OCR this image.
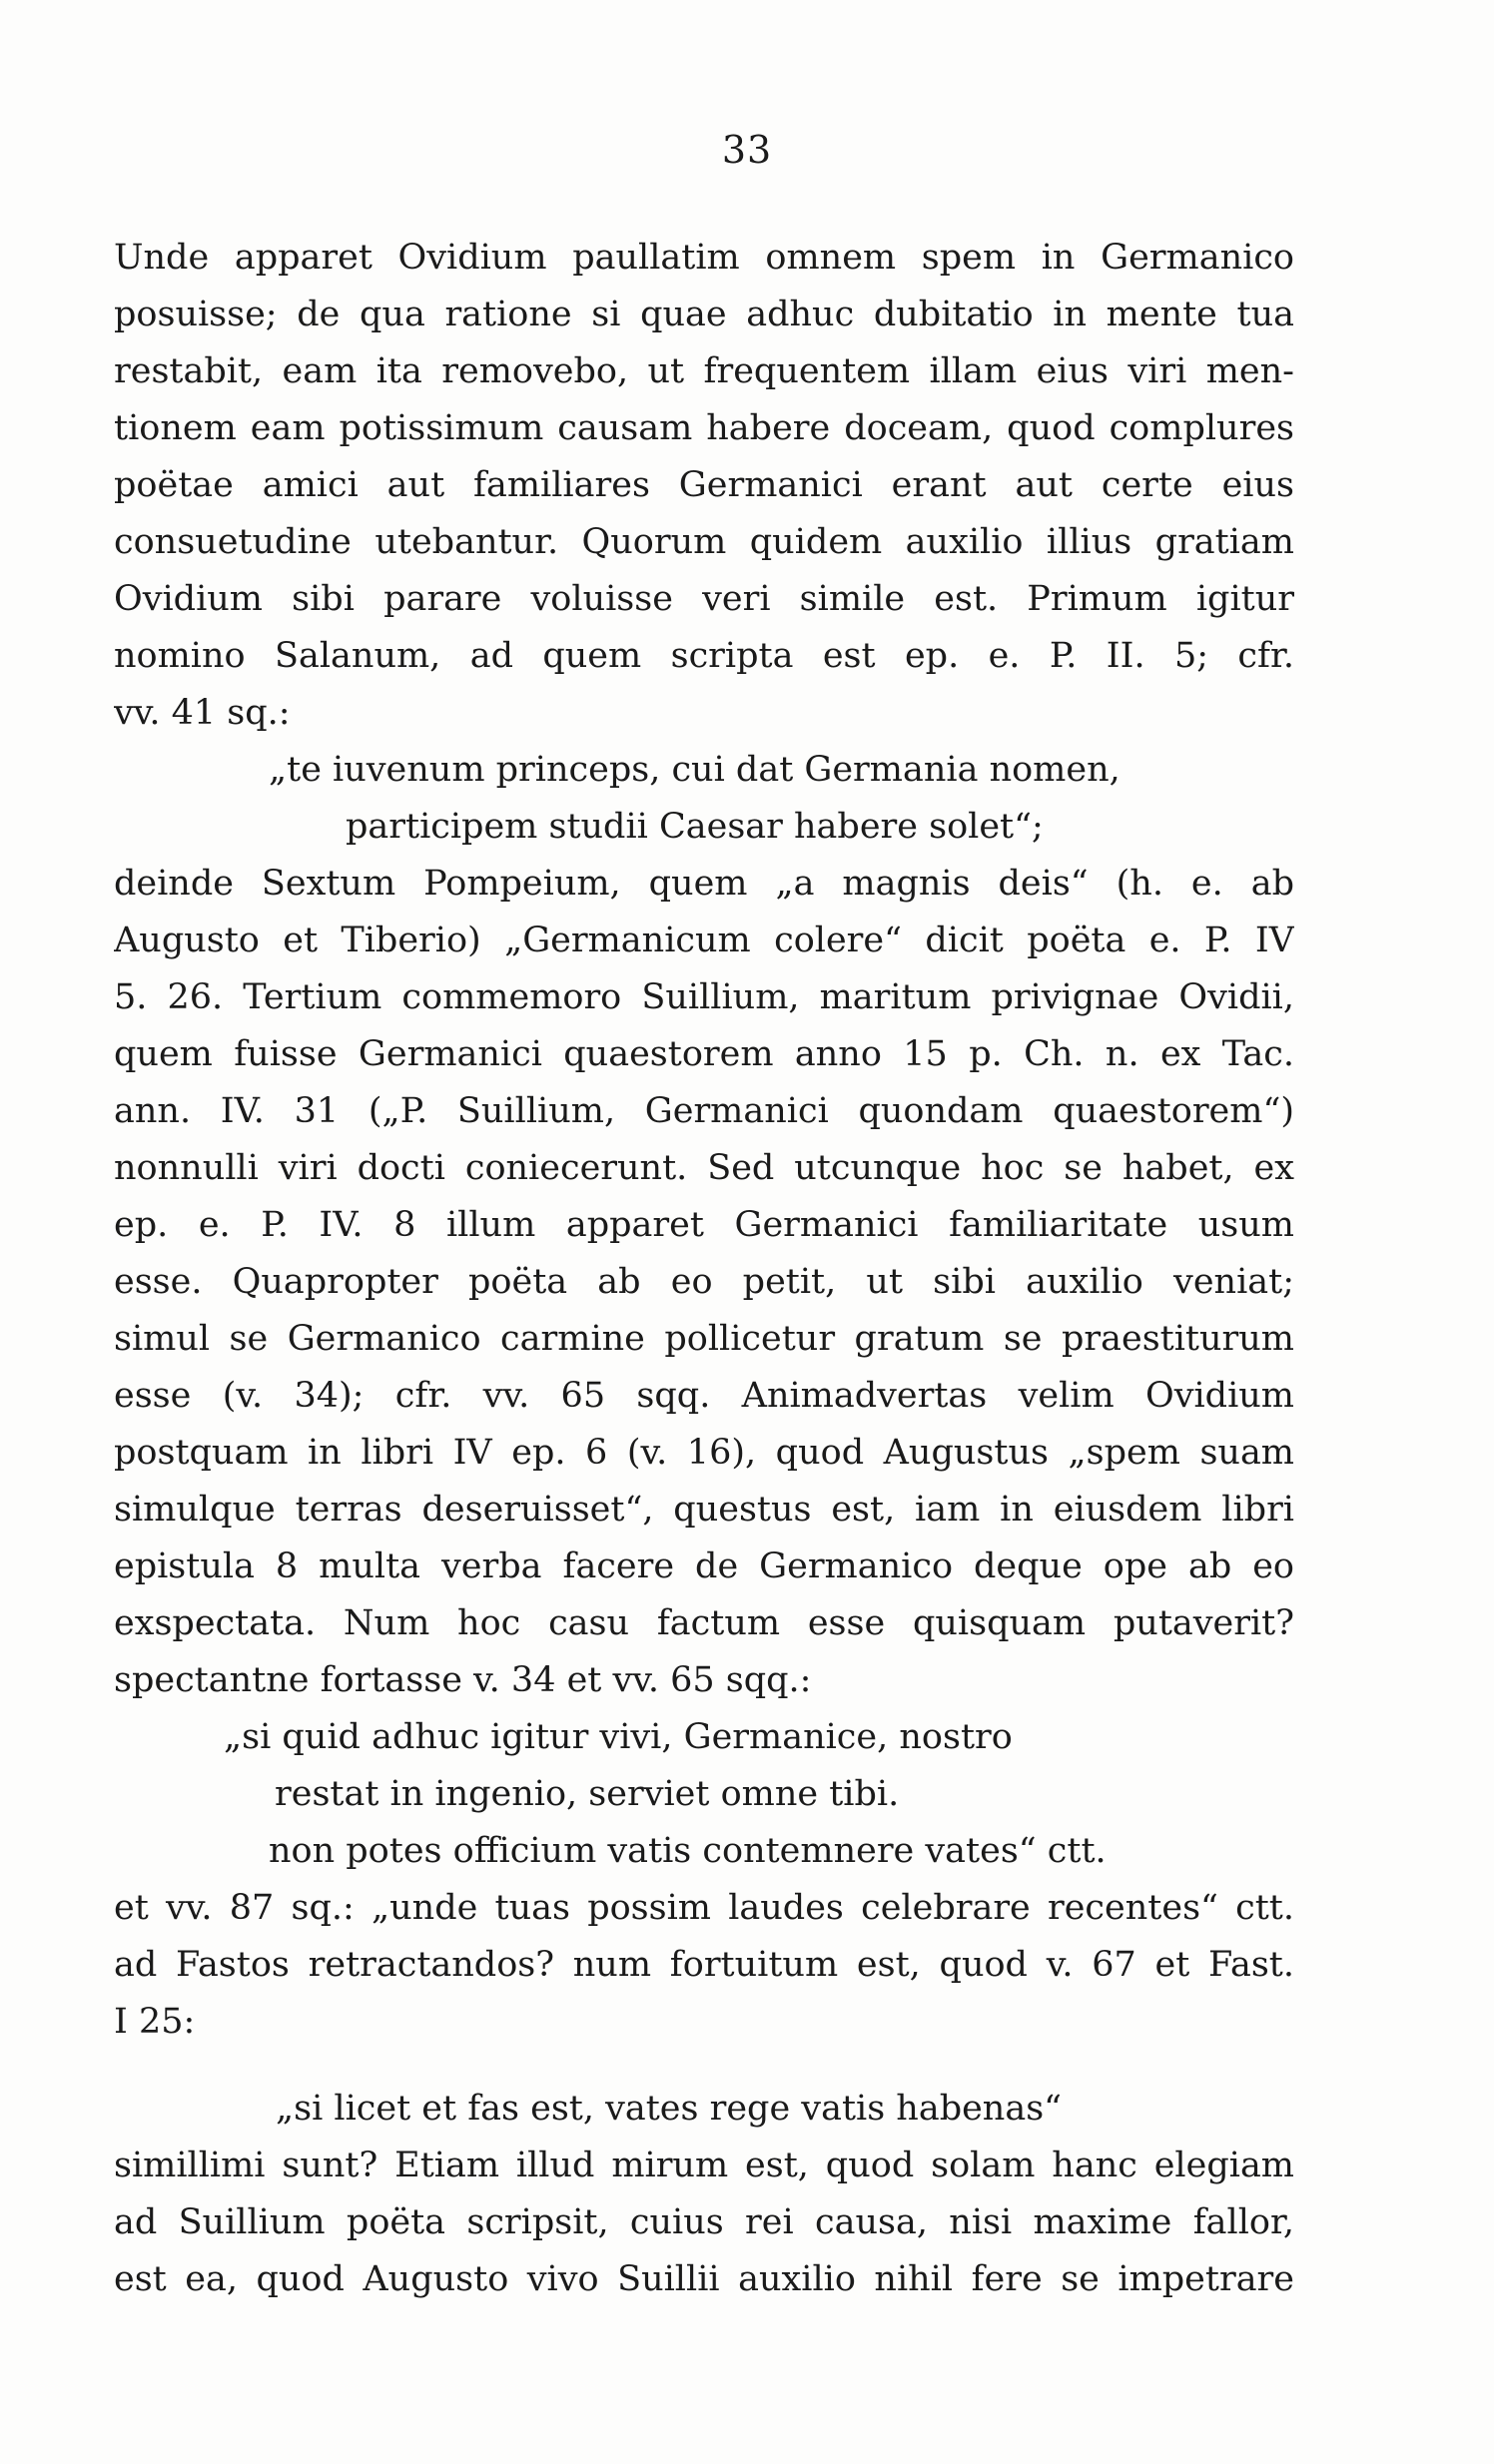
33
Unde apparet Ovidium paullatim omnem spem in Germanico
posuisse; de qua ratione si quae adhuc dubitatio in mente tua
restabit, eam ita removebo, ut frequentem illam eius viri men-
tionem eam potissimum causam habere doceam, quod complures
poëtae amici aut familiares Germanici erant aut certe eius
consuetudine utebantur. Quorum quidem auxilio illius gratiam
Ovidium sibi parare voluisse veri simile est. Primum igitur
nomino Salanum, ad quem scripta est ep. e. P. II. 5; cfr.
vv. 41 sq.:
„te iuvenum princeps, cui dat Germania nomen,
participem studii Caesar habere solet“;
deinde Sextum Pompeium, quem „a magnis deis“ (h. e. ab
Augusto et Tiberio) „Germanicum colere“ dicit poëta e. P. IV
5. 26. Tertium commemoro Suillium, maritum privignae Ovidii,
quem fuisse Germanici quaestorem anno 15 p. Ch. n. ex Tac.
ann. IV. 31 („P. Suillium, Germanici quondam quaestorem“)
nonnulli viri docti coniecerunt. Sed utcunque hoc se habet, ex
ep. e. P. IV. 8 illum apparet Germanici familiaritate usum
esse. Quapropter poëta ab eo petit, ut sibi auxilio veniat;
simul se Germanico carmine pollicetur gratum se praestiturum
esse (v. 34); cfr. vv. 65 sqq. Animadvertas velim Ovidium
postquam in libri IV ep. 6 (v. 16), quod Augustus „spem suam
simulque terras deseruisset“, questus est, iam in eiusdem libri
epistula 8 multa verba facere de Germanico deque ope ab eo
exspectata. Num hoc casu factum esse quisquam putaverit?
spectantne fortasse v. 34 et vv. 65 sqq.:
„si quid adhuc igitur vivi, Germanice, nostro
restat in ingenio, serviet omne tibi.
non potes officium vatis contemnere vates“ ctt.
et vv. 87 sq.: „unde tuas possim laudes celebrare recentes“ ctt.
ad Fastos retractandos? num fortuitum est, quod v. 67 et Fast.
I 25:
„si licet et fas est, vates rege vatis habenas“
simillimi sunt? Etiam illud mirum est, quod solam hanc elegiam
ad Suillium poëta scripsit, cuius rei causa, nisi maxime fallor,
est ea, quod Augusto vivo Suillii auxilio nihil fere se impetrare
